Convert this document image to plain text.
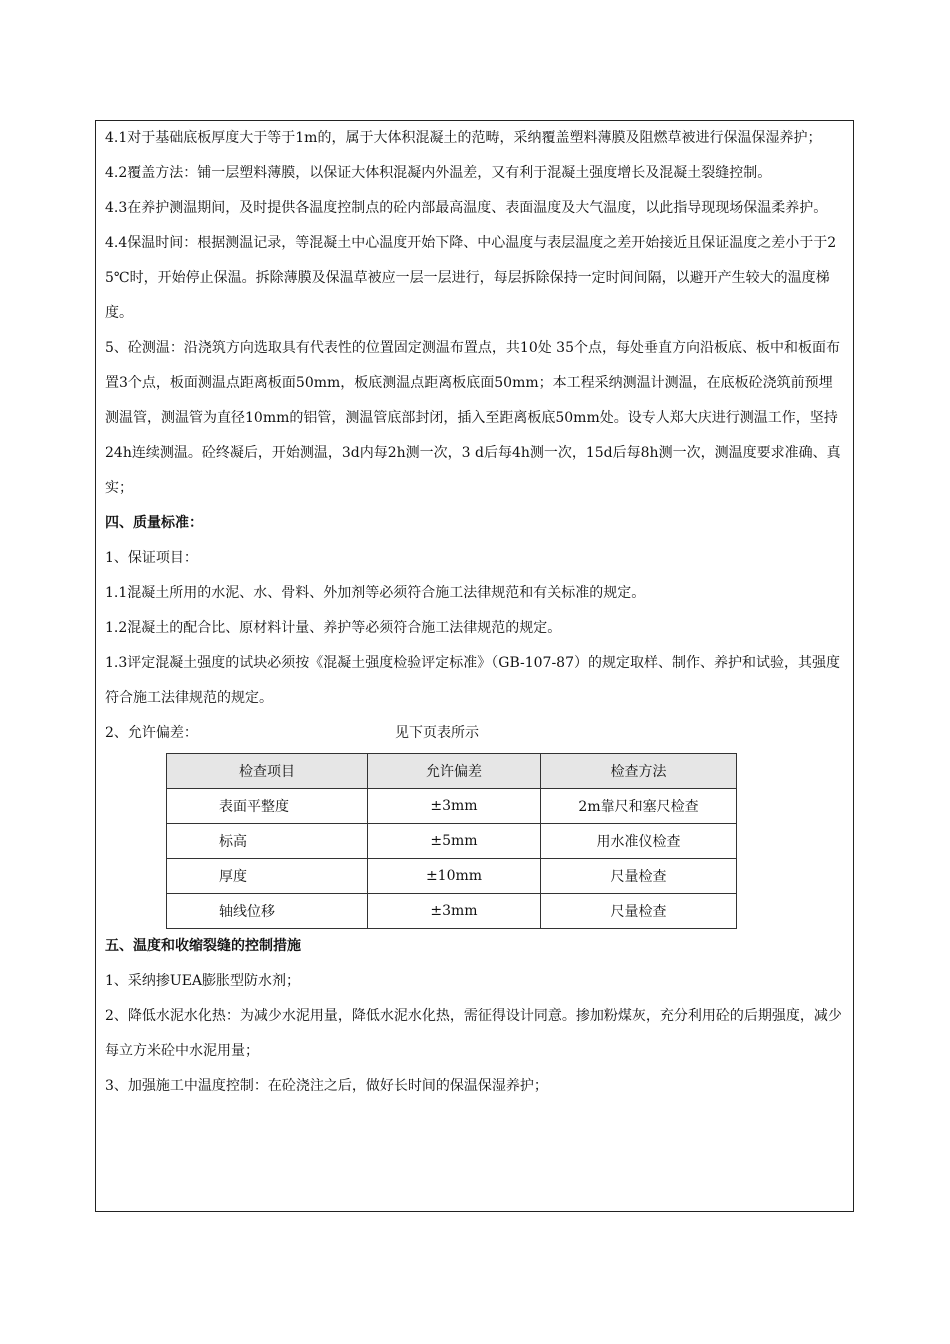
4.1对于基础底板厚度大于等于1m的，属于大体积混凝土的范畴，采纳覆盖塑料薄膜及阻燃草被进行保温保湿养护；

4.2覆盖方法：铺一层塑料薄膜，以保证大体积混凝内外温差，又有利于混凝土强度增长及混凝土裂缝控制。

4.3在养护测温期间，及时提供各温度控制点的砼内部最高温度、表面温度及大气温度，以此指导现现场保温柔养护。

4.4保温时间：根据测温记录，等混凝土中心温度开始下降、中心温度与表层温度之差开始接近且保证温度之差小于于25℃时，开始停止保温。拆除薄膜及保温草被应一层一层进行，每层拆除保持一定时间间隔，以避开产生较大的温度梯度。

5、砼测温：沿浇筑方向选取具有代表性的位置固定测温布置点，共10处 35个点，每处垂直方向沿板底、板中和板面布置3个点，板面测温点距离板面50mm，板底测温点距离板底面50mm；本工程采纳测温计测温，在底板砼浇筑前预埋测温管，测温管为直径10mm的铝管，测温管底部封闭，插入至距离板底50mm处。设专人郑大庆进行测温工作，坚持24h连续测温。砼终凝后，开始测温，3d内每2h测一次，3 d后每4h测一次，15d后每8h测一次，测温度要求准确、真实；

四、质量标准：

1、保证项目：

1.1混凝土所用的水泥、水、骨料、外加剂等必须符合施工法律规范和有关标准的规定。

1.2混凝土的配合比、原材料计量、养护等必须符合施工法律规范的规定。

1.3评定混凝土强度的试块必须按《混凝土强度检验评定标准》（GB-107-87）的规定取样、制作、养护和试验，其强度符合施工法律规范的规定。

2、允许偏差：	见下页表所示
检查项目	允许偏差	检查方法
表面平整度	±3mm	2m靠尺和塞尺检查
标高	±5mm	用水准仪检查
厚度	±10mm	尺量检查
轴线位移	±3mm	尺量检查

五、温度和收缩裂缝的控制措施

1、采纳掺UEA膨胀型防水剂；

2、降低水泥水化热：为减少水泥用量，降低水泥水化热，需征得设计同意。掺加粉煤灰，充分利用砼的后期强度，减少每立方米砼中水泥用量；

3、加强施工中温度控制：在砼浇注之后，做好长时间的保温保湿养护；
